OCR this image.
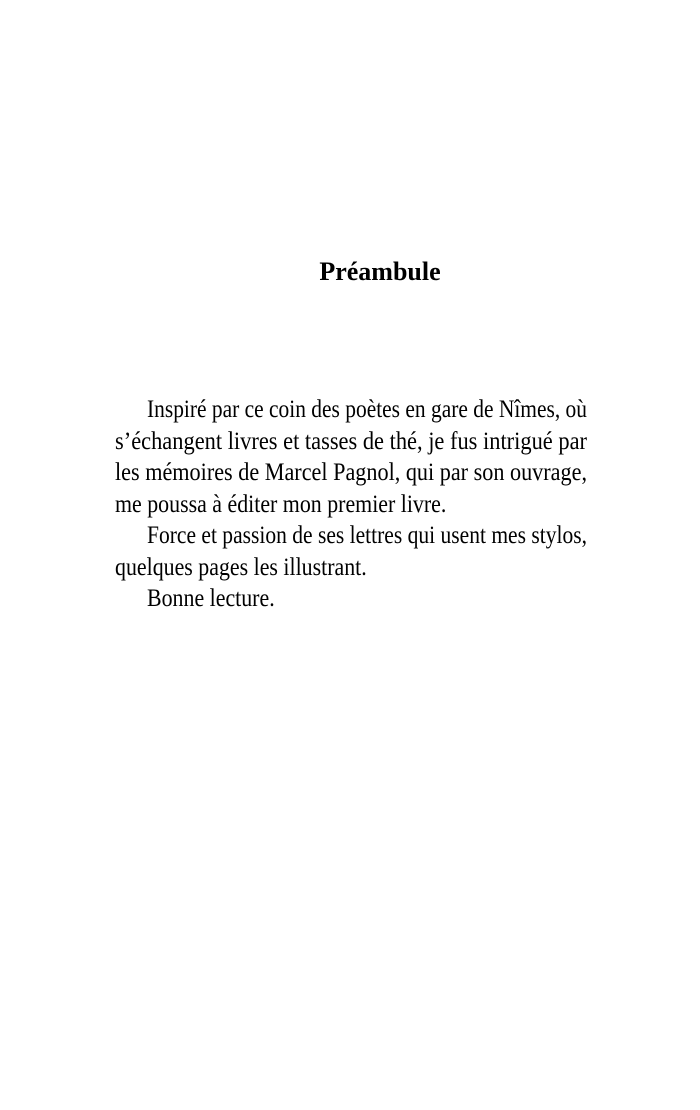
Préambule
Inspiré par ce coin des poètes en gare de Nîmes, où
s’échangent livres et tasses de thé, je fus intrigué par
les mémoires de Marcel Pagnol, qui par son ouvrage,
me poussa à éditer mon premier livre.
Force et passion de ses lettres qui usent mes stylos,
quelques pages les illustrant.
Bonne lecture.
